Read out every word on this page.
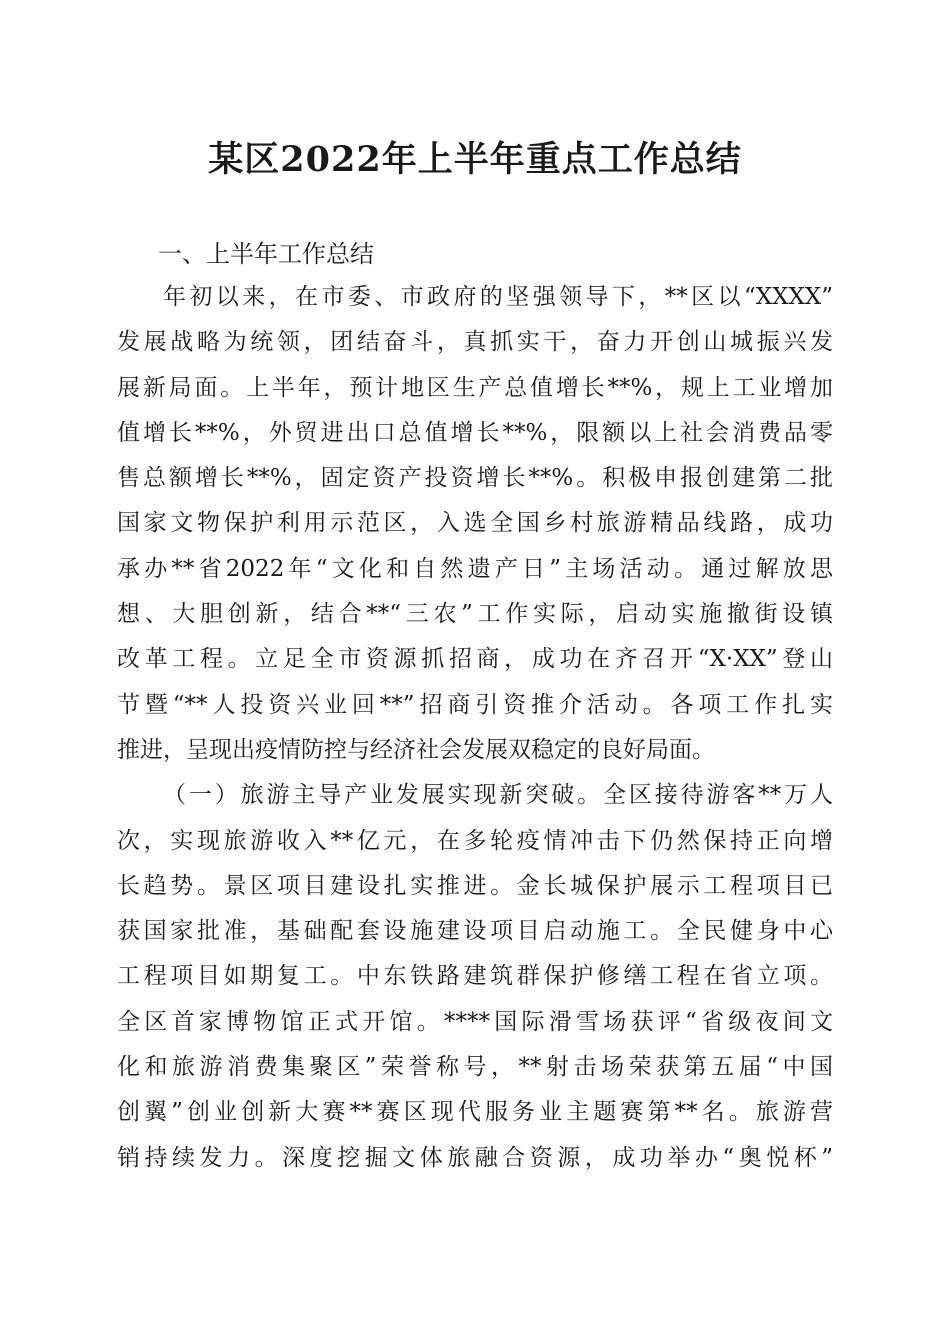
某区2022年上半年重点工作总结
一、上半年工作总结
年初以来，在市委、市政府的坚强领导下，**区以“XXXX”
发展战略为统领，团结奋斗，真抓实干，奋力开创山城振兴发
展新局面。上半年，预计地区生产总值增长**%，规上工业增加
值增长**%，外贸进出口总值增长**%，限额以上社会消费品零
售总额增长**%，固定资产投资增长**%。积极申报创建第二批
国家文物保护利用示范区，入选全国乡村旅游精品线路，成功
承办**省2022年“文化和自然遗产日”主场活动。通过解放思
想、大胆创新，结合**“三农”工作实际，启动实施撤街设镇
改革工程。立足全市资源抓招商，成功在齐召开“X·XX”登山
节暨“**人投资兴业回**”招商引资推介活动。各项工作扎实
推进，呈现出疫情防控与经济社会发展双稳定的良好局面。
（一）旅游主导产业发展实现新突破。全区接待游客**万人
次，实现旅游收入**亿元，在多轮疫情冲击下仍然保持正向增
长趋势。景区项目建设扎实推进。金长城保护展示工程项目已
获国家批准，基础配套设施建设项目启动施工。全民健身中心
工程项目如期复工。中东铁路建筑群保护修缮工程在省立项。
全区首家博物馆正式开馆。****国际滑雪场获评“省级夜间文
化和旅游消费集聚区”荣誉称号，**射击场荣获第五届“中国
创翼”创业创新大赛**赛区现代服务业主题赛第**名。旅游营
销持续发力。深度挖掘文体旅融合资源，成功举办“奥悦杯”
